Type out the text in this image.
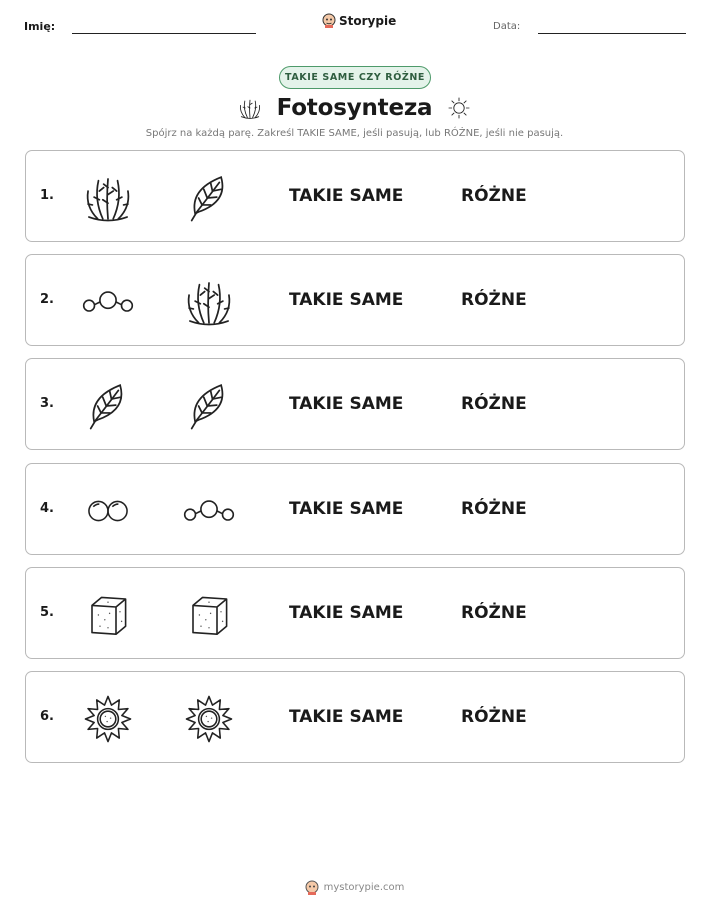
Imię:	Storypie	Data:
TAKIE SAME CZY RÓŻNE
Fotosynteza
Spójrz na każdą parę. Zakreśl TAKIE SAME, jeśli pasują, lub RÓŻNE, jeśli nie pasują.
1.	TAKIE SAME	RÓŻNE
2.	TAKIE SAME	RÓŻNE
3.	TAKIE SAME	RÓŻNE
4.	TAKIE SAME	RÓŻNE
5.	TAKIE SAME	RÓŻNE
6.	TAKIE SAME	RÓŻNE
mystorypie.com
